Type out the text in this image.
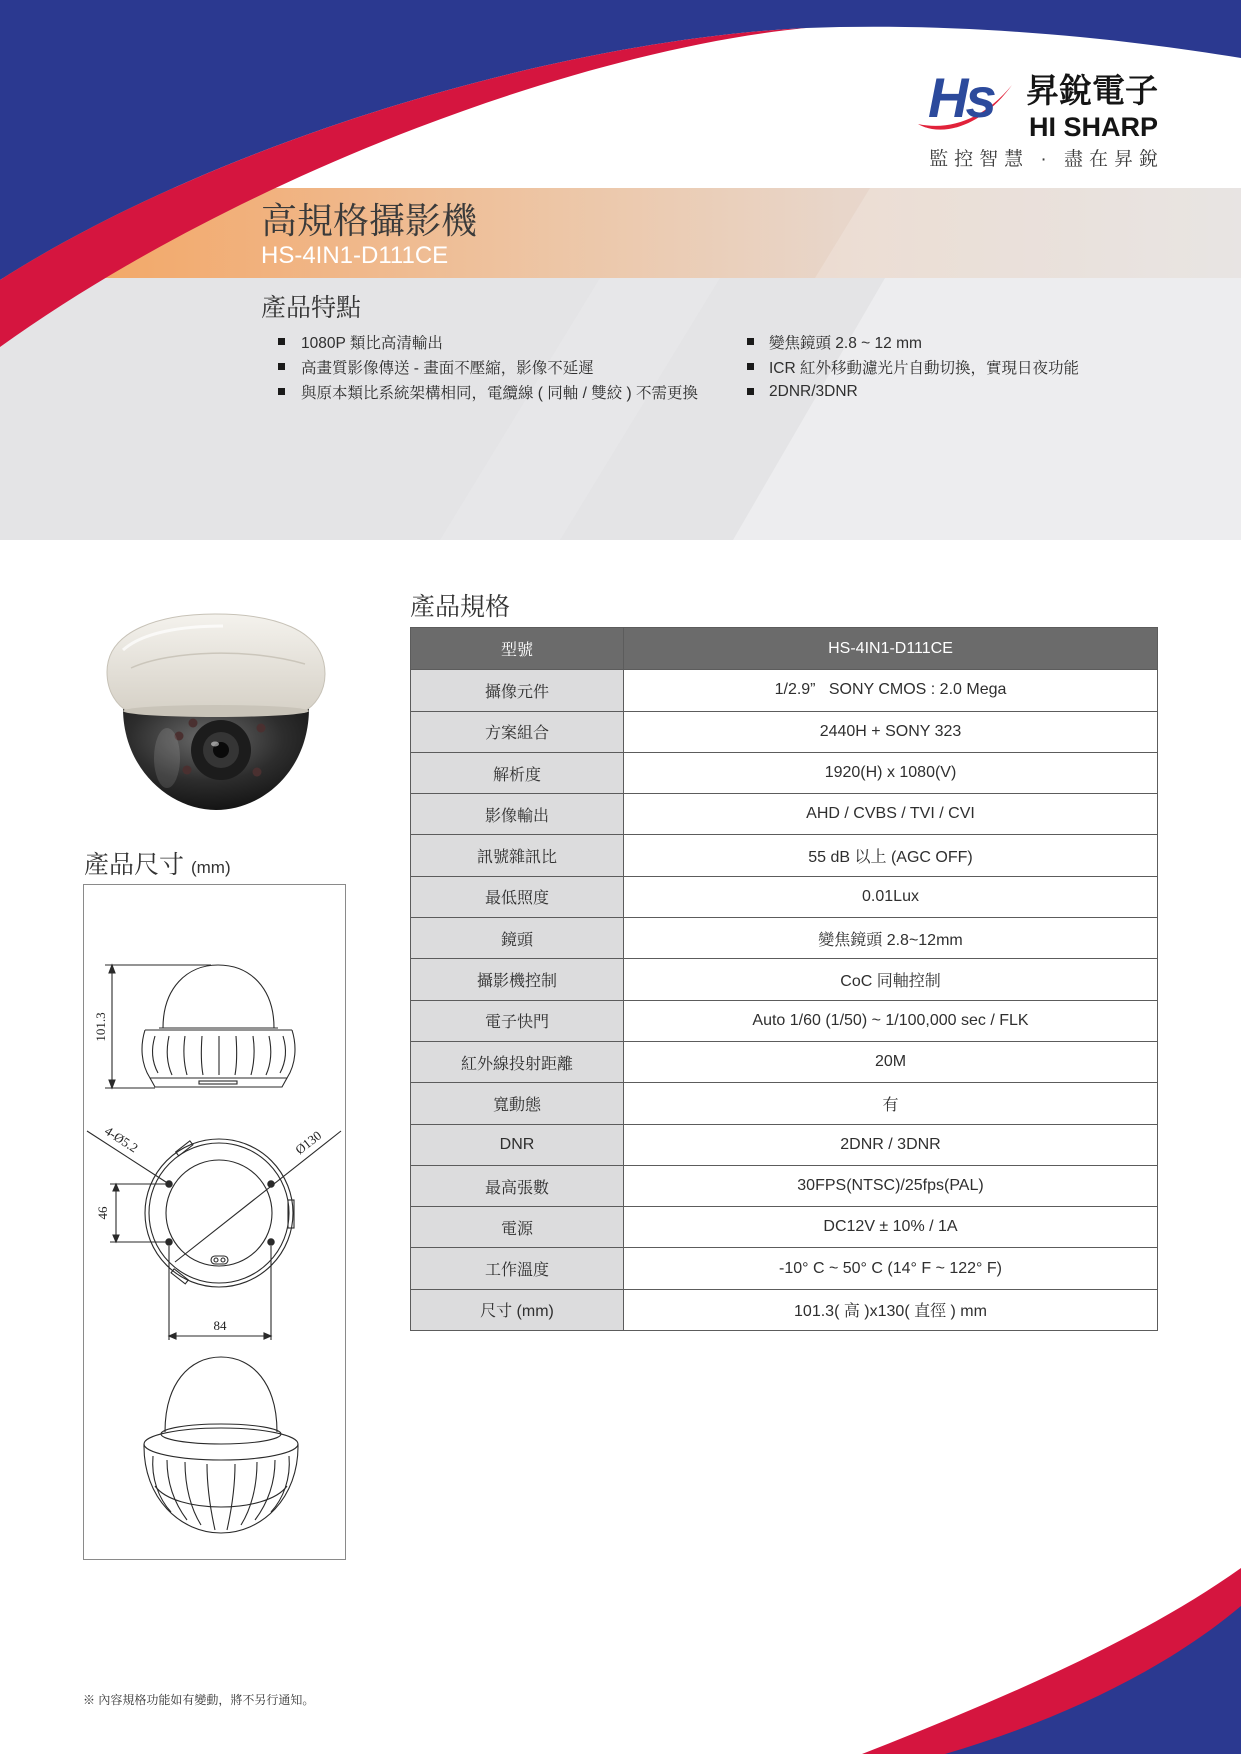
Hs 昇銳電子
HI SHARP
監控智慧 · 盡在昇銳
高規格攝影機
HS-4IN1-D111CE
產品特點
1080P 類比高清輸出
高畫質影像傳送 - 畫面不壓縮，影像不延遲
與原本類比系統架構相同，電纜線 ( 同軸 / 雙絞 ) 不需更換
變焦鏡頭 2.8 ~ 12 mm
ICR 紅外移動濾光片自動切換，實現日夜功能
2DNR/3DNR
產品尺寸 (mm)
101.3
4-Ø5.2	Ø130
46
84
產品規格
型號	HS-4IN1-D111CE
攝像元件	1/2.9”   SONY CMOS : 2.0 Mega
方案組合	2440H + SONY 323
解析度	1920(H) x 1080(V)
影像輸出	AHD / CVBS / TVI / CVI
訊號雜訊比	55 dB 以上 (AGC OFF)
最低照度	0.01Lux
鏡頭	變焦鏡頭 2.8~12mm
攝影機控制	CoC 同軸控制
電子快門	Auto 1/60 (1/50) ~ 1/100,000 sec / FLK
紅外線投射距離	20M
寬動態	有
DNR	2DNR / 3DNR
最高張數	30FPS(NTSC)/25fps(PAL)
電源	DC12V ± 10% / 1A
工作溫度	-10° C ~ 50° C (14° F ~ 122° F)
尺寸 (mm)	101.3( 高 )x130( 直徑 ) mm
※ 內容規格功能如有變動，將不另行通知。
